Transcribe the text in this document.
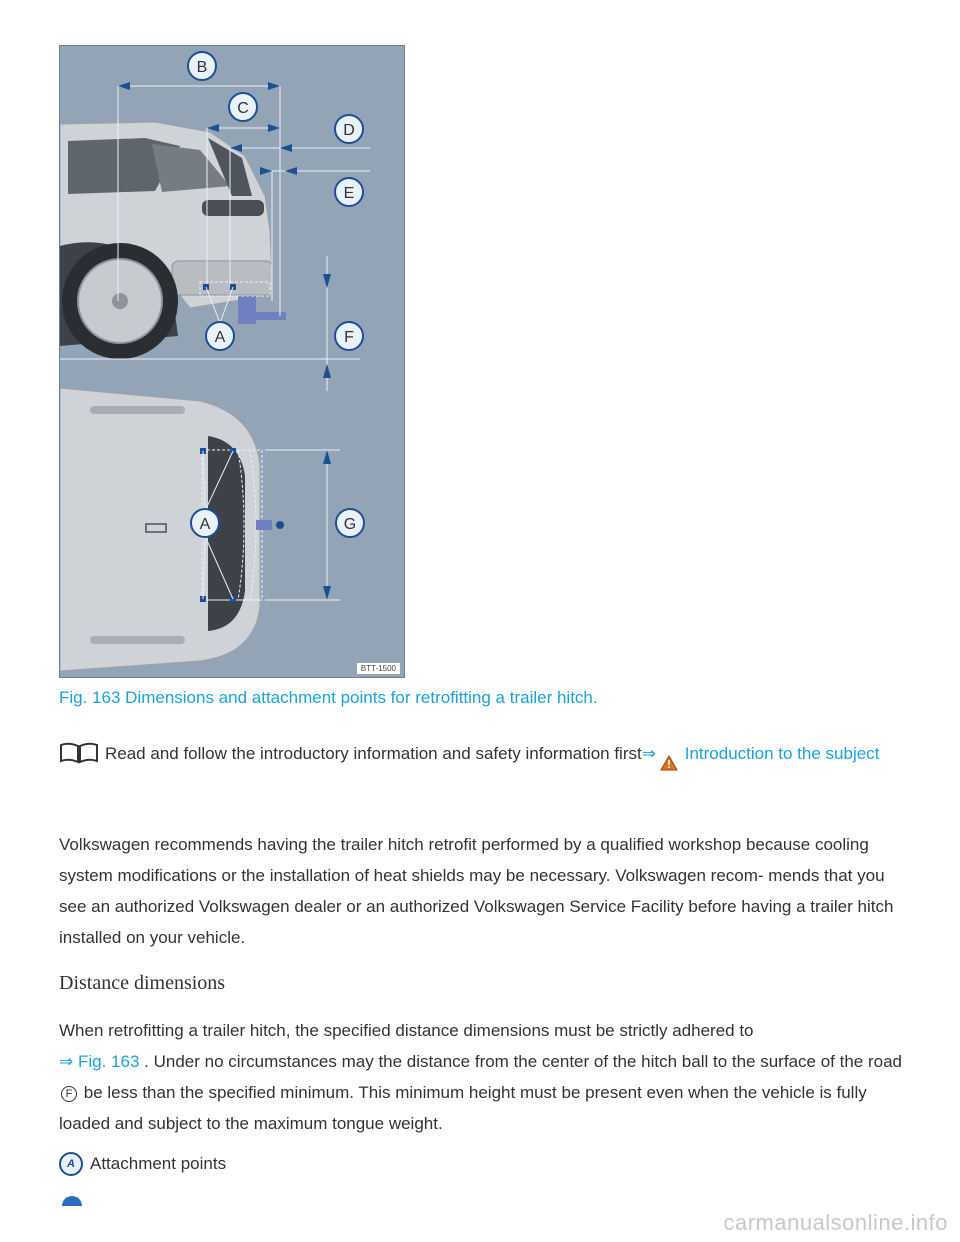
B
C
D
E
A	F
A	G
BTT-1500
Fig. 163 Dimensions and attachment points for retrofitting a trailer hitch.
Read and follow the introductory information and safety information first⇒ Introduction to the subject

Volkswagen recommends having the trailer hitch retrofit performed by a qualified workshop because cooling system modifications or the installation of heat shields may be necessary. Volkswagen recom- mends that you see an authorized Volkswagen dealer or an authorized Volkswagen Service Facility before having a trailer hitch installed on your vehicle.

Distance dimensions

When retrofitting a trailer hitch, the specified distance dimensions must be strictly adhered to
⇒ Fig. 163 . Under no circumstances may the distance from the center of the hitch ball to the surface of the road F be less than the specified minimum. This minimum height must be present even when the vehicle is fully loaded and subject to the maximum tongue weight.

A Attachment points
carmanualsonline.info
